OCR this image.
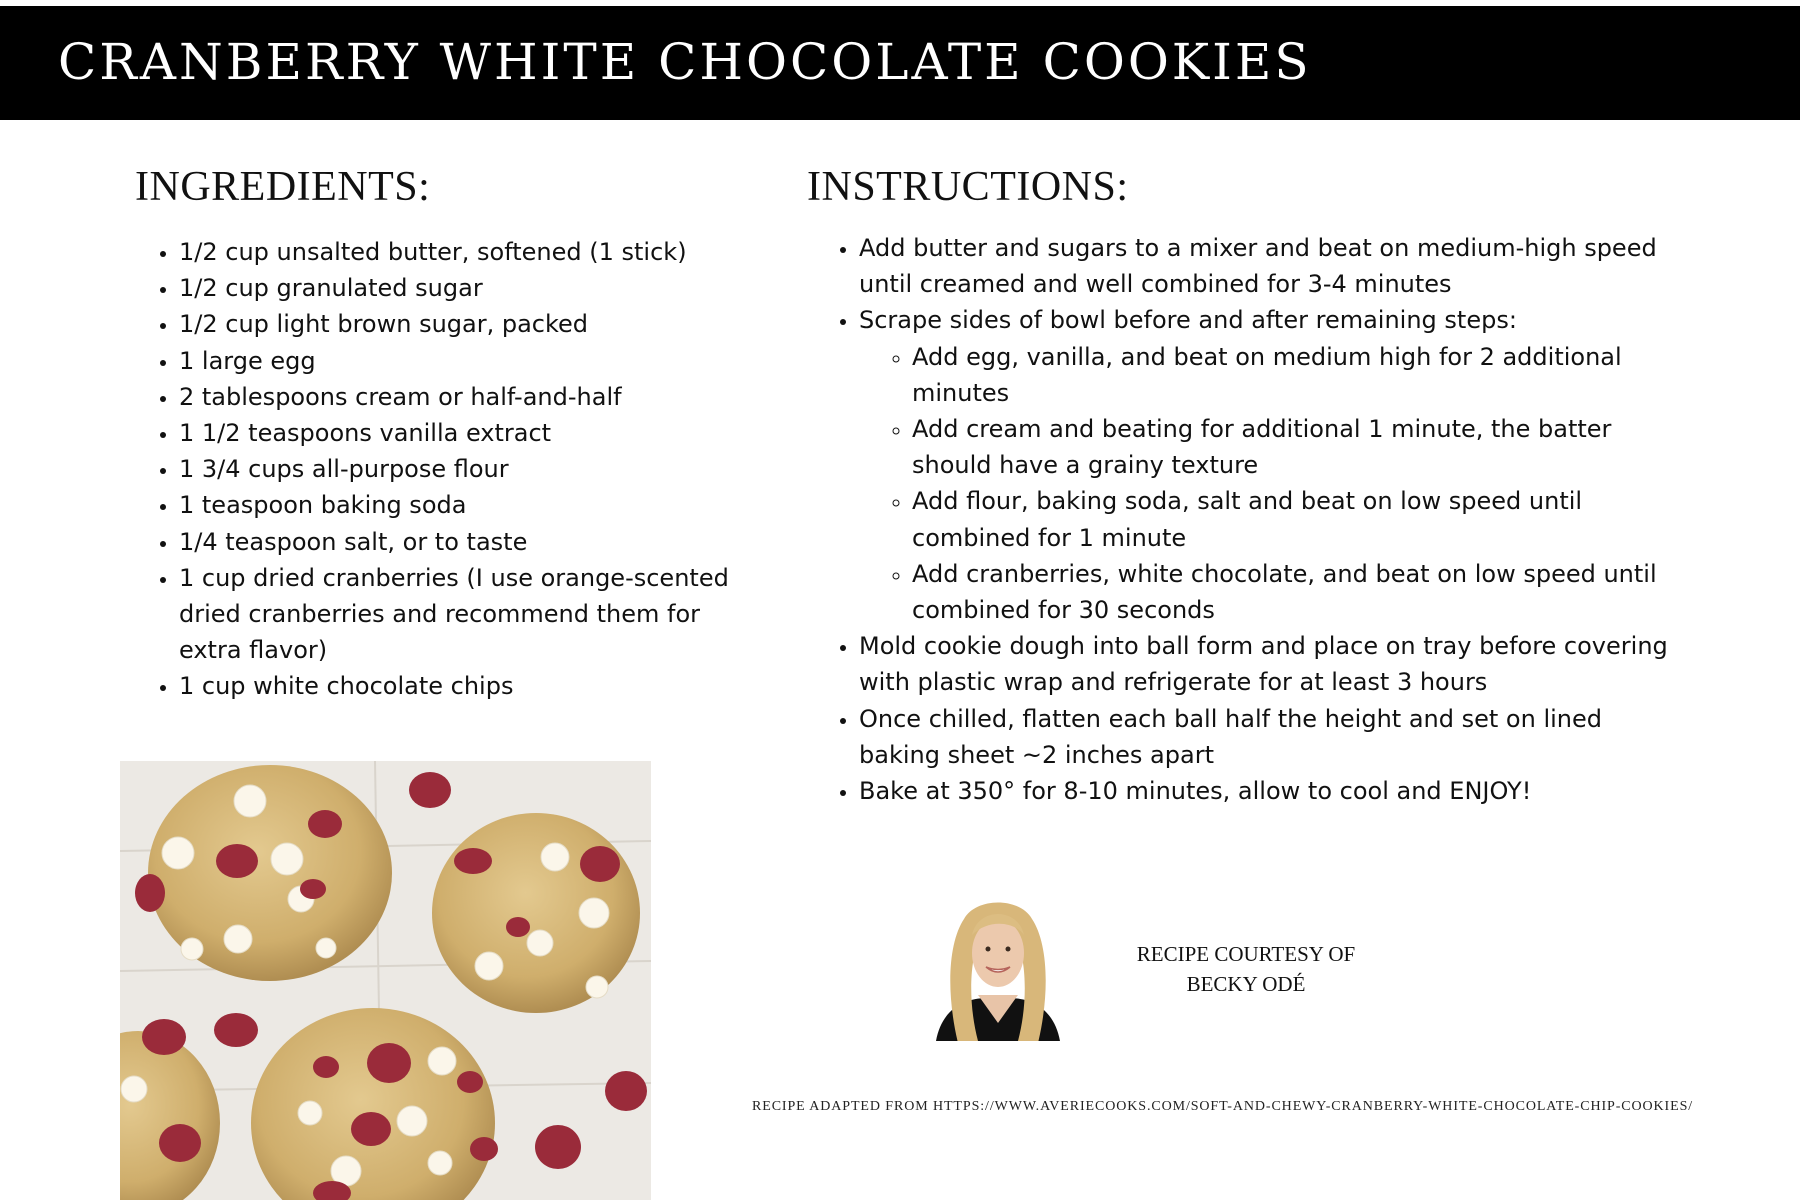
CRANBERRY WHITE CHOCOLATE COOKIES
INGREDIENTS:
• 1/2 cup unsalted butter, softened (1 stick)
• 1/2 cup granulated sugar
• 1/2 cup light brown sugar, packed
• 1 large egg
• 2 tablespoons cream or half-and-half
• 1 1/2 teaspoons vanilla extract
• 1 3/4 cups all-purpose flour
• 1 teaspoon baking soda
• 1/4 teaspoon salt, or to taste
• 1 cup dried cranberries (I use orange-scented dried cranberries and recommend them for extra flavor)
• 1 cup white chocolate chips
INSTRUCTIONS:
• Add butter and sugars to a mixer and beat on medium-high speed until creamed and well combined for 3-4 minutes
• Scrape sides of bowl before and after remaining steps:
◦ Add egg, vanilla, and beat on medium high for 2 additional minutes
◦ Add cream and beating for additional 1 minute, the batter should have a grainy texture
◦ Add flour, baking soda, salt and beat on low speed until combined for 1 minute
◦ Add cranberries, white chocolate, and beat on low speed until combined for 30 seconds
• Mold cookie dough into ball form and place on tray before covering with plastic wrap and refrigerate for at least 3 hours
• Once chilled, flatten each ball half the height and set on lined baking sheet ~2 inches apart
• Bake at 350° for 8-10 minutes, allow to cool and ENJOY!
RECIPE COURTESY OF
BECKY ODÉ
RECIPE ADAPTED FROM HTTPS://WWW.AVERIECOOKS.COM/SOFT-AND-CHEWY-CRANBERRY-WHITE-CHOCOLATE-CHIP-COOKIES/
